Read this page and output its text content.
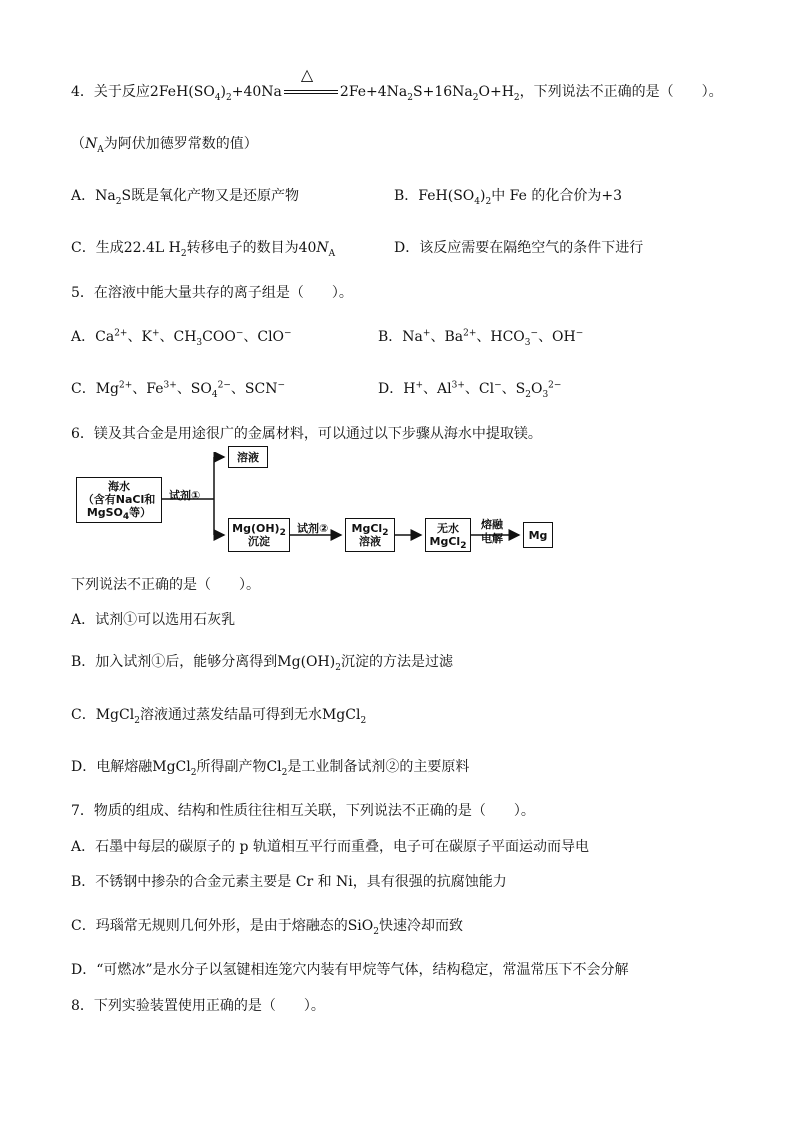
4．关于反应$2FeH(SO_4)_2+40Na$
△
$2Fe+4Na_2S+16Na_2O+H_2$，下列说法不正确的是（　　）。
（$N_A$为阿伏加德罗常数的值）
A．$Na_2S$既是氧化产物又是还原产物	B．$FeH(SO_4)_2$中 Fe 的化合价为+3
C．生成22.4L $H_2$转移电子的数目为$40N_A$	D．该反应需要在隔绝空气的条件下进行
5．在溶液中能大量共存的离子组是（　　）。
A．$Ca^{2+}$、K+、$CH_3COO^-$、ClO−	B．Na+、$Ba^{2+}$、$HCO_3^-$、OH−
C．$Mg^{2+}$、$Fe^{3+}$、$SO_4^{2-}$、SCN−	D．H+、$Al^{3+}$、Cl−、$S_2O_3^{2-}$
6．镁及其合金是用途很广的金属材料，可以通过以下步骤从海水中提取镁。
海水
（含有NaCl和
MgSO$_4$等）
试剂①
溶液
$Mg(OH)_2$
沉淀
试剂②	MgCl$_2$
溶液
无水
MgCl$_2$
熔融
电解	Mg
下列说法不正确的是（　　）。
A．试剂①可以选用石灰乳
B．加入试剂①后，能够分离得到$Mg(OH)_2$沉淀的方法是过滤
C．MgCl$_2$溶液通过蒸发结晶可得到无水MgCl$_2$
D．电解熔融MgCl$_2$所得副产物$Cl_2$是工业制备试剂②的主要原料
7．物质的组成、结构和性质往往相互关联，下列说法不正确的是（　　）。
A．石墨中每层的碳原子的 p 轨道相互平行而重叠，电子可在碳原子平面运动而导电
B．不锈钢中掺杂的合金元素主要是 Cr 和 Ni，具有很强的抗腐蚀能力
C．玛瑙常无规则几何外形，是由于熔融态的SiO$_2$快速冷却而致
D．“可燃冰”是水分子以氢键相连笼穴内装有甲烷等气体，结构稳定，常温常压下不会分解
8．下列实验装置使用正确的是（　　）。
